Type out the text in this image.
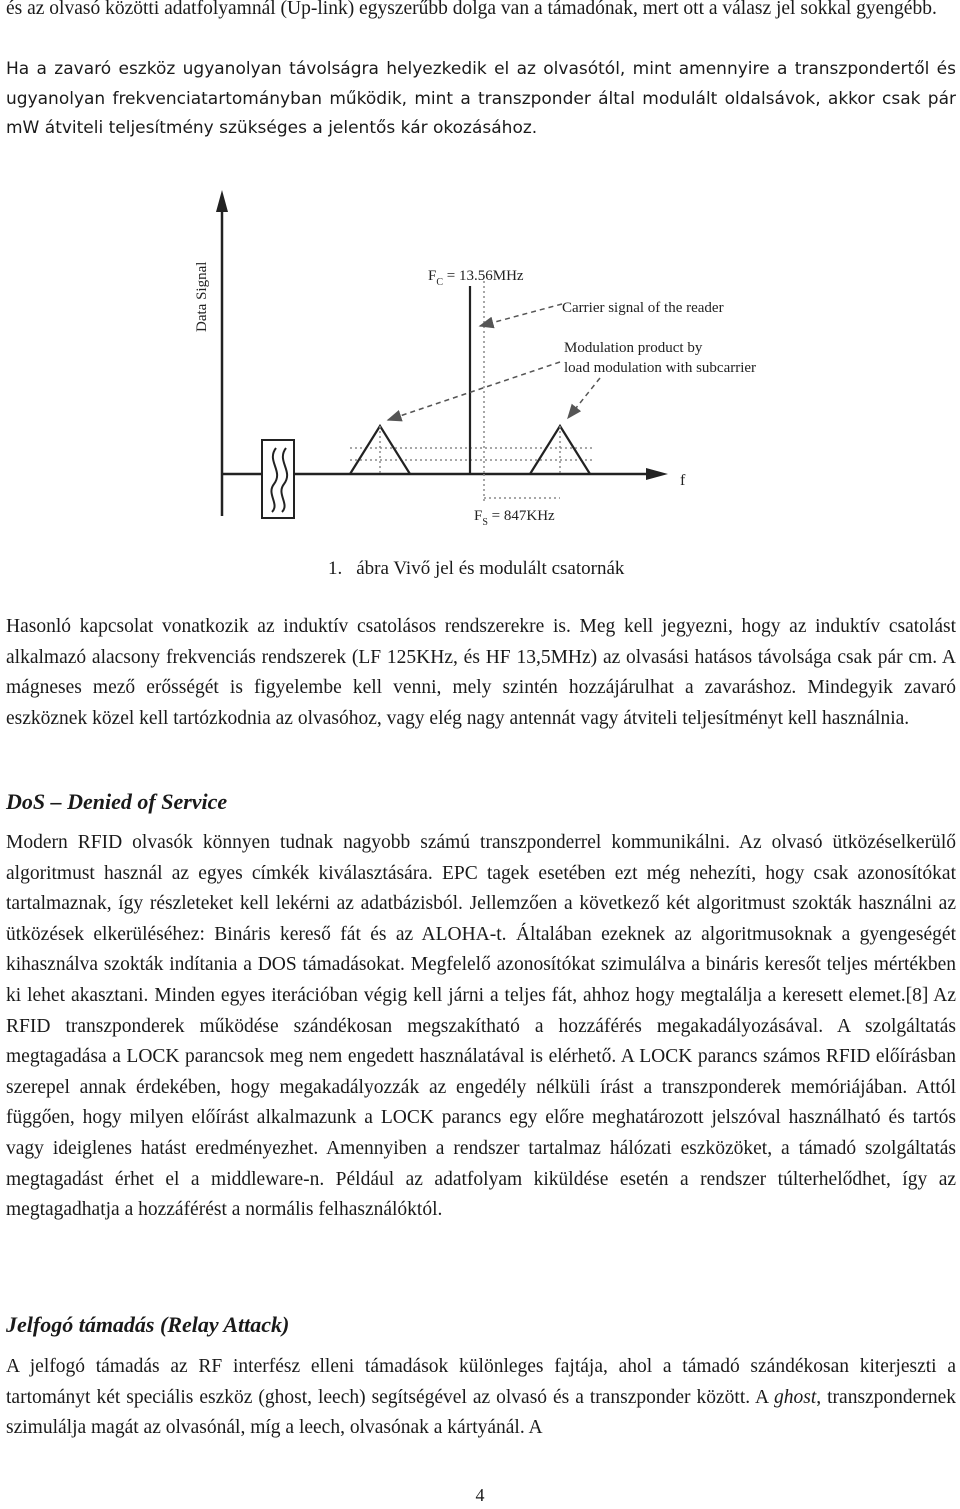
és az olvasó közötti adatfolyamnál (Up-link) egyszerűbb dolga van a támadónak, mert ott a válasz jel sokkal gyengébb.

Ha a zavaró eszköz ugyanolyan távolságra helyezkedik el az olvasótól, mint amennyire a transzpondertől és ugyanolyan frekvenciatartományban működik, mint a transzponder által modulált oldalsávok, akkor csak pár mW átviteli teljesítmény szükséges a jelentős kár okozásához.

Data Signal
f
$F_C = 13.56MHz$
Carrier signal of the reader
Modulation product by
load modulation with subcarrier
$F_S = 847KHz$

1. ábra Vivő jel és modulált csatornák

Hasonló kapcsolat vonatkozik az induktív csatolásos rendszerekre is. Meg kell jegyezni, hogy az induktív csatolást alkalmazó alacsony frekvenciás rendszerek (LF 125KHz, és HF 13,5MHz) az olvasási hatásos távolsága csak pár cm. A mágneses mező erősségét is figyelembe kell venni, mely szintén hozzájárulhat a zavaráshoz. Mindegyik zavaró eszköznek közel kell tartózkodnia az olvasóhoz, vagy elég nagy antennát vagy átviteli teljesítményt kell használnia.

DoS – Denied of Service

Modern RFID olvasók könnyen tudnak nagyobb számú transzponderrel kommunikálni. Az olvasó ütközéselkerülő algoritmust használ az egyes címkék kiválasztására. EPC tagek esetében ezt még nehezíti, hogy csak azonosítókat tartalmaznak, így részleteket kell lekérni az adatbázisból. Jellemzően a következő két algoritmust szokták használni az ütközések elkerüléséhez: Bináris kereső fát és az ALOHA-t. Általában ezeknek az algoritmusoknak a gyengeségét kihasználva szokták indítania a DOS támadásokat. Megfelelő azonosítókat szimulálva a bináris keresőt teljes mértékben ki lehet akasztani. Minden egyes iterációban végig kell járni a teljes fát, ahhoz hogy megtalálja a keresett elemet.[8] Az RFID transzponderek működése szándékosan megszakítható a hozzáférés megakadályozásával. A szolgáltatás megtagadása a LOCK parancsok meg nem engedett használatával is elérhető. A LOCK parancs számos RFID előírásban szerepel annak érdekében, hogy megakadályozzák az engedély nélküli írást a transzponderek memóriájában. Attól függően, hogy milyen előírást alkalmazunk a LOCK parancs egy előre meghatározott jelszóval használható és tartós vagy ideiglenes hatást eredményezhet. Amennyiben a rendszer tartalmaz hálózati eszközöket, a támadó szolgáltatás megtagadást érhet el a middleware-n. Például az adatfolyam kiküldése esetén a rendszer túlterhelődhet, így az megtagadhatja a hozzáférést a normális felhasználóktól.

Jelfogó támadás (Relay Attack)

A jelfogó támadás az RF interfész elleni támadások különleges fajtája, ahol a támadó szándékosan kiterjeszti a tartományt két speciális eszköz (ghost, leech) segítségével az olvasó és a transzponder között. A ghost, transzpondernek szimulálja magát az olvasónál, míg a leech, olvasónak a kártyánál. A

4
